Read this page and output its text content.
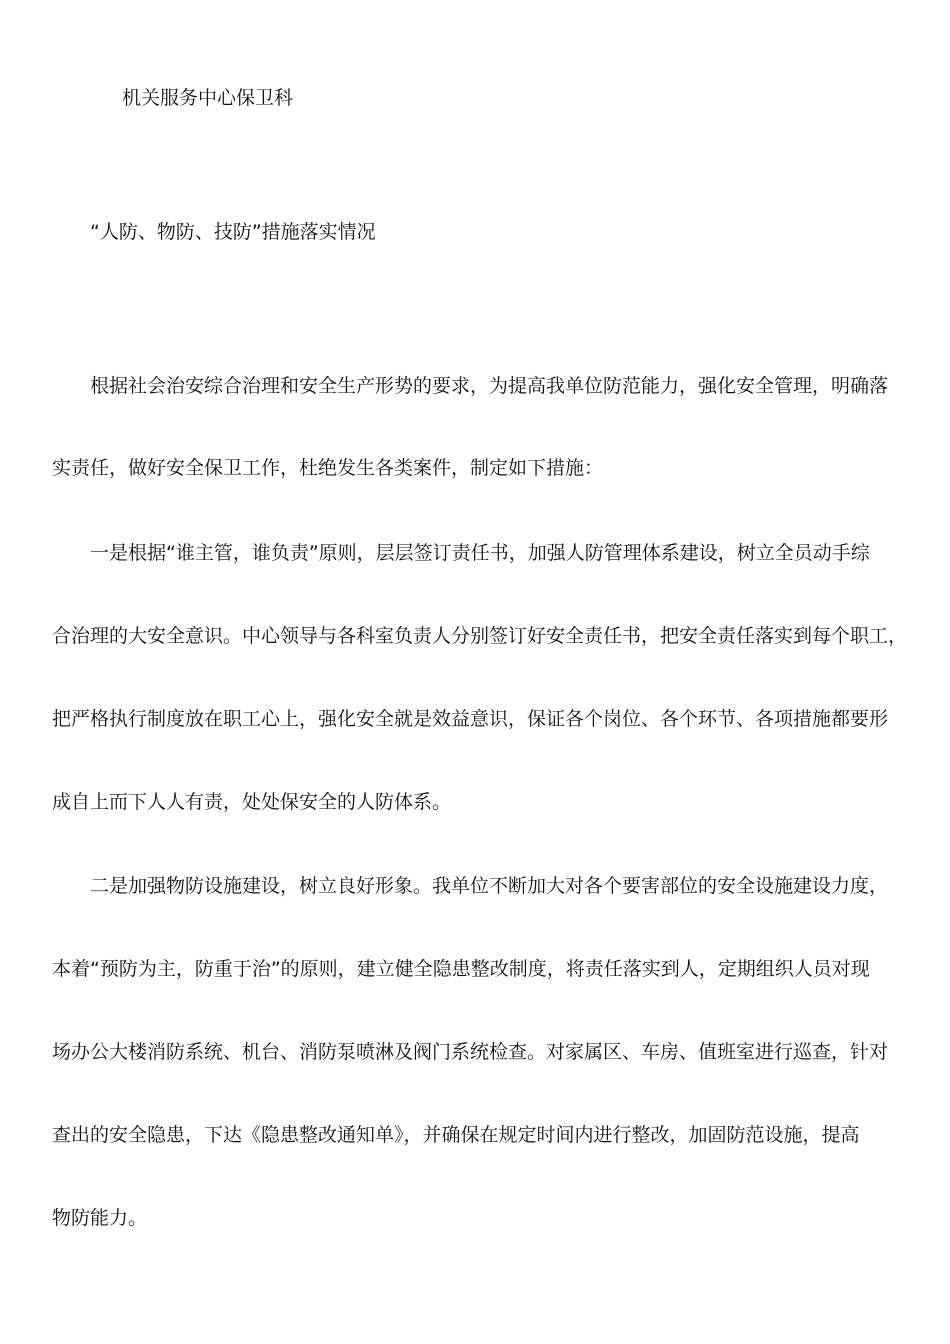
机关服务中心保卫科
“人防、物防、技防”措施落实情况
根据社会治安综合治理和安全生产形势的要求，为提高我单位防范能力，强化安全管理，明确落
实责任，做好安全保卫工作，杜绝发生各类案件，制定如下措施：
一是根据“谁主管，谁负责”原则，层层签订责任书，加强人防管理体系建设，树立全员动手综
合治理的大安全意识。中心领导与各科室负责人分别签订好安全责任书，把安全责任落实到每个职工，
把严格执行制度放在职工心上，强化安全就是效益意识，保证各个岗位、各个环节、各项措施都要形
成自上而下人人有责，处处保安全的人防体系。
二是加强物防设施建设，树立良好形象。我单位不断加大对各个要害部位的安全设施建设力度，
本着“预防为主，防重于治”的原则，建立健全隐患整改制度，将责任落实到人，定期组织人员对现
场办公大楼消防系统、机台、消防泵喷淋及阀门系统检查。对家属区、车房、值班室进行巡查，针对
查出的安全隐患，下达《隐患整改通知单》，并确保在规定时间内进行整改，加固防范设施，提高
物防能力。
